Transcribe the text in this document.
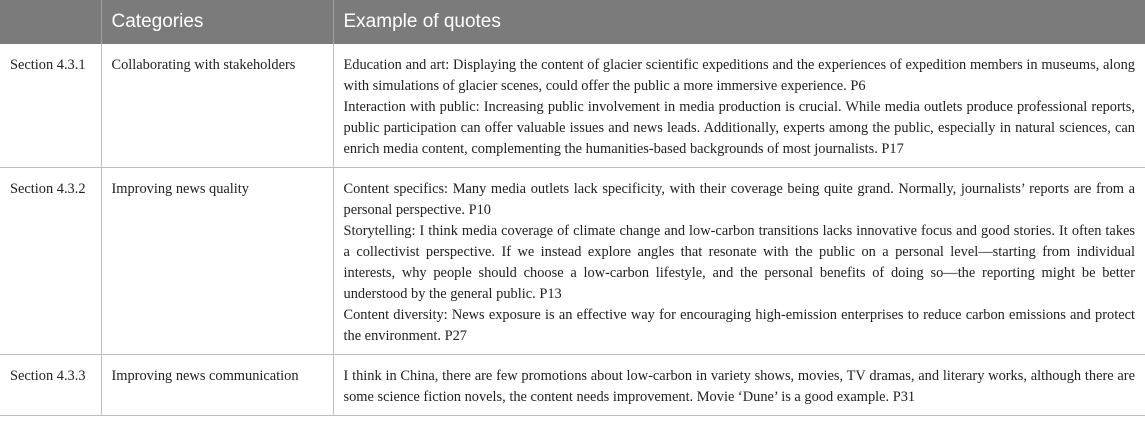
	Categories	Example of quotes
Section 4.3.1	Collaborating with stakeholders	Education and art: Displaying the content of glacier scientific expeditions and the experiences of expedition members in museums, along with simulations of glacier scenes, could offer the public a more immersive experience. P6
Interaction with public: Increasing public involvement in media production is crucial. While media outlets produce professional reports, public participation can offer valuable issues and news leads. Additionally, experts among the public, especially in natural sciences, can enrich media content, complementing the humanities-based backgrounds of most journalists. P17

Section 4.3.2	Improving news quality	Content specifics: Many media outlets lack specificity, with their coverage being quite grand. Normally, journalists’ reports are from a personal perspective. P10
Storytelling: I think media coverage of climate change and low-carbon transitions lacks innovative focus and good stories. It often takes a collectivist perspective. If we instead explore angles that resonate with the public on a personal level—starting from individual interests, why people should choose a low-carbon lifestyle, and the personal benefits of doing so—the reporting might be better understood by the general public. P13
Content diversity: News exposure is an effective way for encouraging high-emission enterprises to reduce carbon emissions and protect the environment. P27

Section 4.3.3	Improving news communication	I think in China, there are few promotions about low-carbon in variety shows, movies, TV dramas, and literary works, although there are some science fiction novels, the content needs improvement. Movie ‘Dune’ is a good example. P31
